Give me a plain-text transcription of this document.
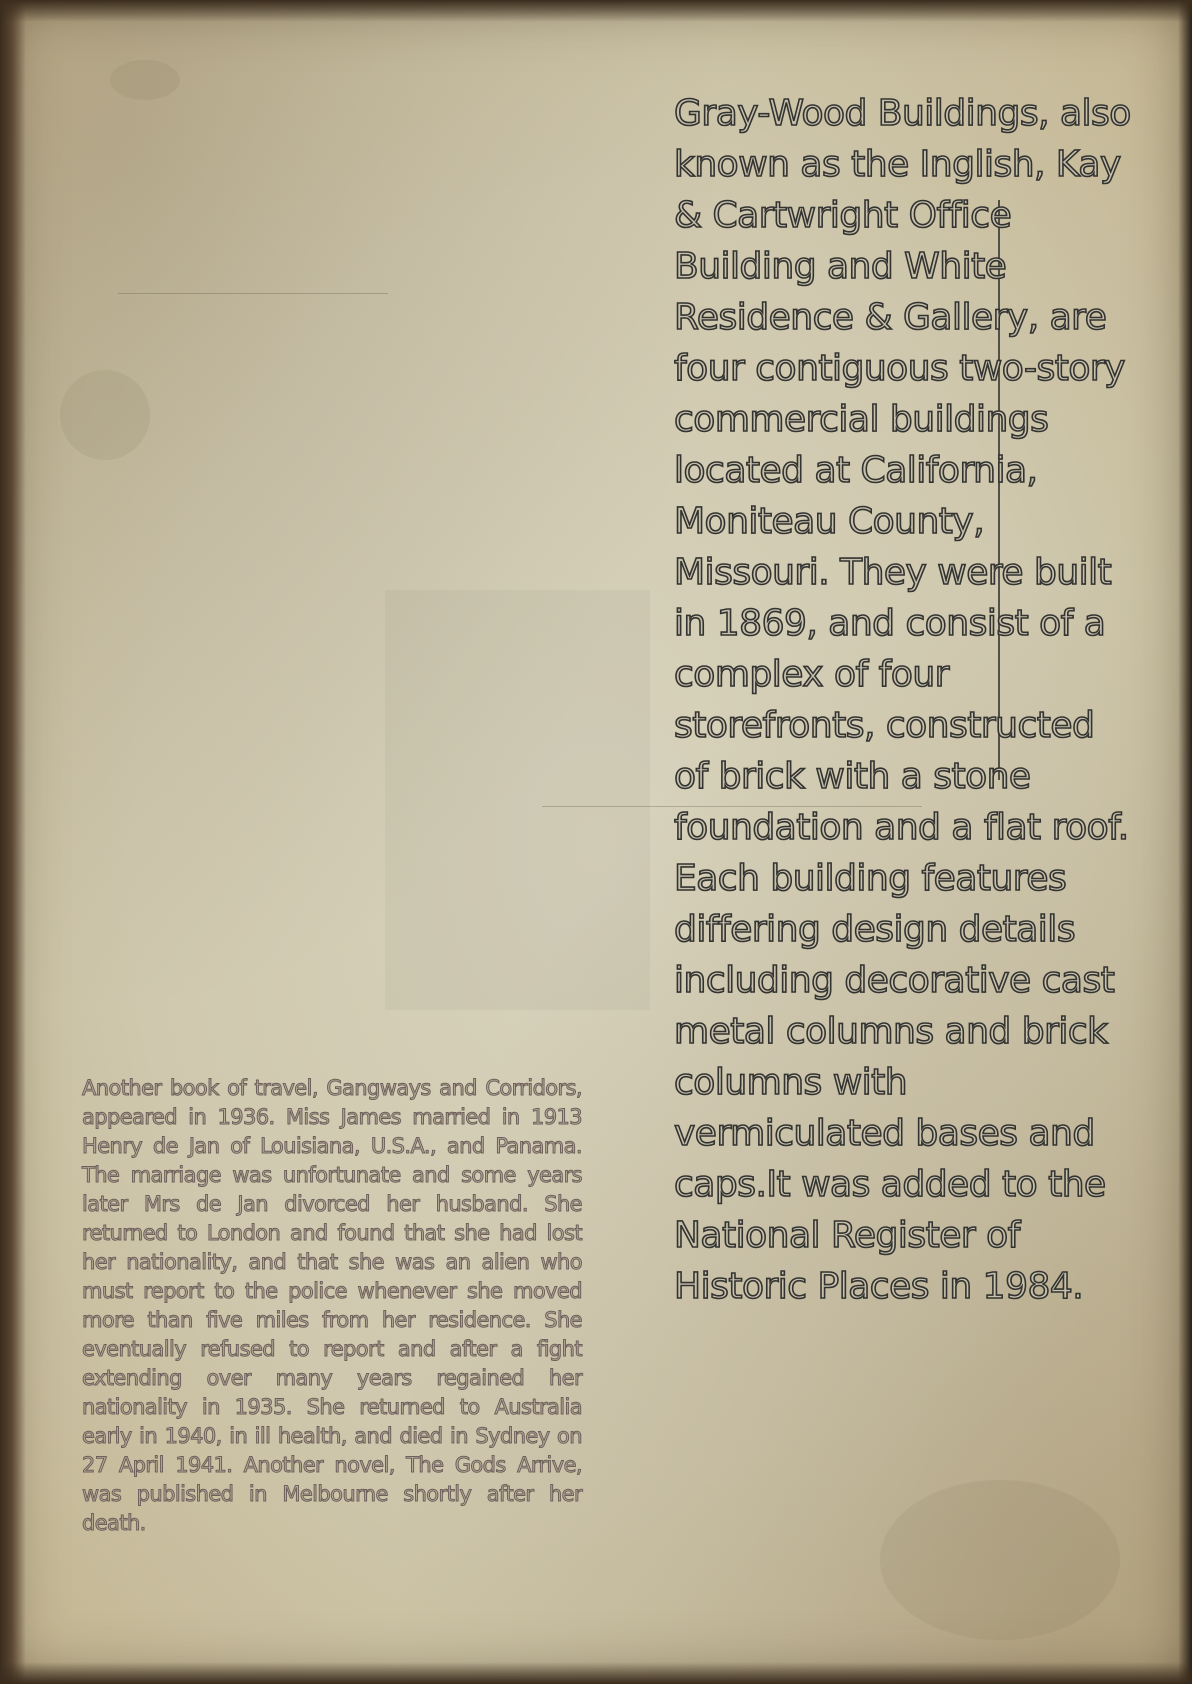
Gray-Wood Buildings, also
known as the Inglish, Kay
& Cartwright Office
Building and White
Residence & Gallery, are
four contiguous two-story
commercial buildings
located at California,
Moniteau County,
Missouri. They were built
in 1869, and consist of a
complex of four
storefronts, constructed
of brick with a stone
foundation and a flat roof.
Each building features
differing design details
including decorative cast
metal columns and brick
columns with
vermiculated bases and
caps.It was added to the
National Register of
Historic Places in 1984.

Another book of travel, Gangways and Corridors, appeared in 1936. Miss James married in 1913 Henry de Jan of Louisiana, U.S.A., and Panama. The marriage was unfortunate and some years later Mrs de Jan divorced her husband. She returned to London and found that she had lost her nationality, and that she was an alien who must report to the police whenever she moved more than five miles from her residence. She eventually refused to report and after a fight extending over many years regained her nationality in 1935. She returned to Australia early in 1940, in ill health, and died in Sydney on 27 April 1941. Another novel, The Gods Arrive, was published in Melbourne shortly after her death.
